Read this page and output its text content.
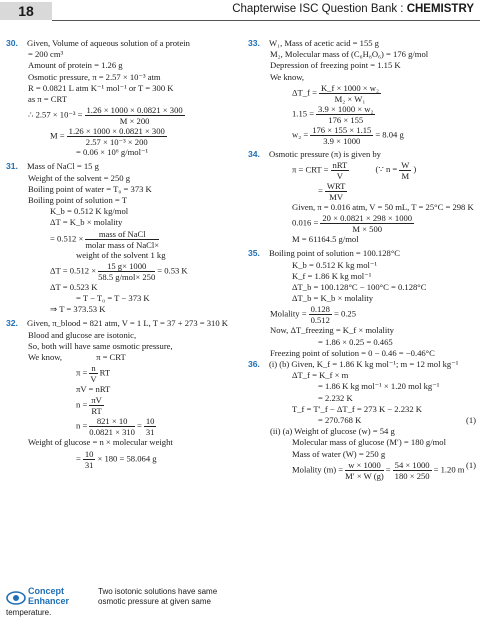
18	Chapterwise ISC Question Bank : CHEMISTRY
30. Given, Volume of aqueous solution of a protein
= 200 cm³
Amount of protein = 1.26 g
Osmotic pressure, π = 2.57 × 10⁻³ atm
R = 0.0821 L atm K⁻¹ mol⁻¹ or T = 300 K
as π = CRT
∴ $2.57 \times 10^{-3} = \frac{1.26 \times 1000 \times 0.0821 \times 300}{M \times 200}$
$M = \frac{1.26 \times 1000 \times 0.0821 \times 300}{\text{2.57 × 10⁻³ × 200}}$
= 0.06 × 10⁶ g/mol⁻¹
31. Mass of NaCl = 15 g
Weight of the solvent = 250 g
Boiling point of water = T₀ = 373 K
Boiling point of solution = T
K_b = 0.512 K kg/mol
ΔT = K_b × molality
= $0.512 \times \frac{\text{mass of NaCl}}{\text{molar mass of NaCl×}}$
weight of the solvent 1 kg
$\Delta T = 0.512 \times \frac{15 g\times 1000}{\text{58.5 g/mol× 250}} = 0.53$ K
ΔT = 0.523 K
= T − T₀ = T − 373 K
⇒ T = 373.53 K
32. Given, π_blood = 821 atm, V = 1 L, T = 37 + 273 = 310 K
Blood and glucose are isotonic,
So, both will have same osmotic pressure,
We know,	π = CRT
$\pi = \frac{n}{V}$ RT
πV = nRT
$n = \frac{\pi V}{RT}$
$n = \frac{821 \times 10}{0.0821 \times 310} = \frac{10}{31}$
Weight of glucose = n × molecular weight
= $\frac{10}{31} \times 180 = 58.064$ g
Concept
Enhancer
Two isotonic solutions have same osmotic pressure at given same
temperature.
33. W₁, Mass of acetic acid = 155 g
M₂, Molecular mass of (C₆H₈O₆) = 176 g/mol
Depression of freezing point = 1.15 K
We know,
ΔT_f = $\frac{\text{K\_f × 1000 × w₂}}{\text{M₂ × W₁}}$
$1.15 = \frac{\text{3.9 × 1000 × w₂}}{176 \times 155}$
$w_2 = \frac{176 \times 155 \times 1.15}{3.9 \times 1000} = 8.04$ g
34. Osmotic pressure (π) is given by
π = CRT = $\frac{\text{nRT}}{V}$	(∵ $n = \frac{W}{M}$ )
= $\frac{\text{WRT}}{MV}$
Given, π = 0.016 atm, V = 50 mL, T = 25°C = 298 K
$0.016 = \frac{20 \times 0.0821 \times 298 \times 1000}{M \times 500}$
M = 61164.5 g/mol
35. Boiling point of solution = 100.128°C
K_b = 0.512 K kg mol⁻¹
K_f = 1.86 K kg mol⁻¹
ΔT_b = 100.128°C − 100°C = 0.128°C
ΔT_b = K_b × molality
Molality = $\frac{0.128}{0.512} = 0.25$
Now, ΔT_freezing = K_f × molality
= 1.86 × 0.25 = 0.465
Freezing point of solution = 0 − 0.46 = −0.46°C
36. (i) (b) Given, K_f = 1.86 K kg mol⁻¹; m = 12 mol kg⁻¹
ΔT_f = K_f × m
= 1.86 K kg mol⁻¹ × 1.20 mol kg⁻¹
= 2.232 K
T_f = T′_f − ΔT_f = 273 K − 2.232 K
= 270.768 K	(1)
(ii) (a) Weight of glucose (w) = 54 g
Molecular mass of glucose (M′) = 180 g/mol
Mass of water (W) = 250 g
Molality $(m) = \frac{w \times 1000}{M' \times W (g)} = \frac{54 \times 1000}{180 \times 250} = 1.20$ m (1)
